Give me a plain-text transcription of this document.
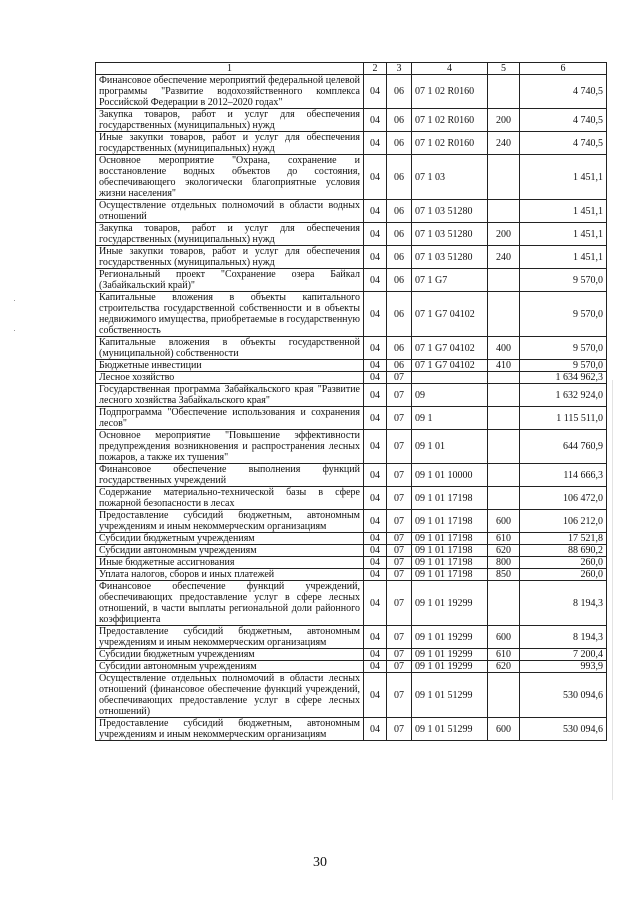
1	2	3	4	5	6
Финансовое обеспечение мероприятий федеральной целевой программы "Развитие водохозяйственного комплекса Российской Федерации в 2012–2020 годах"	04	06	07 1 02 R0160		4 740,5
Закупка товаров, работ и услуг для обеспечения государственных (муниципальных) нужд	04	06	07 1 02 R0160	200	4 740,5
Иные закупки товаров, работ и услуг для обеспечения государственных (муниципальных) нужд	04	06	07 1 02 R0160	240	4 740,5
Основное мероприятие "Охрана, сохранение и восстановление водных объектов до состояния, обеспечивающего экологически благоприятные условия жизни населения"	04	06	07 1 03		1 451,1
Осуществление отдельных полномочий в области водных отношений	04	06	07 1 03 51280		1 451,1
Закупка товаров, работ и услуг для обеспечения государственных (муниципальных) нужд	04	06	07 1 03 51280	200	1 451,1
Иные закупки товаров, работ и услуг для обеспечения государственных (муниципальных) нужд	04	06	07 1 03 51280	240	1 451,1
Региональный проект "Сохранение озера Байкал (Забайкальский край)"	04	06	07 1 G7		9 570,0
Капитальные вложения в объекты капитального строительства государственной собственности и в объекты недвижимого имущества, приобретаемые в государственную собственность	04	06	07 1 G7 04102		9 570,0
Капитальные вложения в объекты государственной (муниципальной) собственности	04	06	07 1 G7 04102	400	9 570,0
Бюджетные инвестиции	04	06	07 1 G7 04102	410	9 570,0
Лесное хозяйство	04	07			1 634 962,3
Государственная программа Забайкальского края "Развитие лесного хозяйства Забайкальского края"	04	07	09		1 632 924,0
Подпрограмма "Обеспечение использования и сохранения лесов"	04	07	09 1		1 115 511,0
Основное мероприятие "Повышение эффективности предупреждения возникновения и распространения лесных пожаров, а также их тушения"	04	07	09 1 01		644 760,9
Финансовое обеспечение выполнения функций государственных учреждений	04	07	09 1 01 10000		114 666,3
Содержание материально-технической базы в сфере пожарной безопасности в лесах	04	07	09 1 01 17198		106 472,0
Предоставление субсидий бюджетным, автономным учреждениям и иным некоммерческим организациям	04	07	09 1 01 17198	600	106 212,0
Субсидии бюджетным учреждениям	04	07	09 1 01 17198	610	17 521,8
Субсидии автономным учреждениям	04	07	09 1 01 17198	620	88 690,2
Иные бюджетные ассигнования	04	07	09 1 01 17198	800	260,0
Уплата налогов, сборов и иных платежей	04	07	09 1 01 17198	850	260,0
Финансовое обеспечение функций учреждений, обеспечивающих предоставление услуг в сфере лесных отношений, в части выплаты региональной доли районного коэффициента	04	07	09 1 01 19299		8 194,3
Предоставление субсидий бюджетным, автономным учреждениям и иным некоммерческим организациям	04	07	09 1 01 19299	600	8 194,3
Субсидии бюджетным учреждениям	04	07	09 1 01 19299	610	7 200,4
Субсидии автономным учреждениям	04	07	09 1 01 19299	620	993,9
Осуществление отдельных полномочий в области лесных отношений (финансовое обеспечение функций учреждений, обеспечивающих предоставление услуг в сфере лесных отношений)	04	07	09 1 01 51299		530 094,6
Предоставление субсидий бюджетным, автономным учреждениям и иным некоммерческим организациям	04	07	09 1 01 51299	600	530 094,6
30
